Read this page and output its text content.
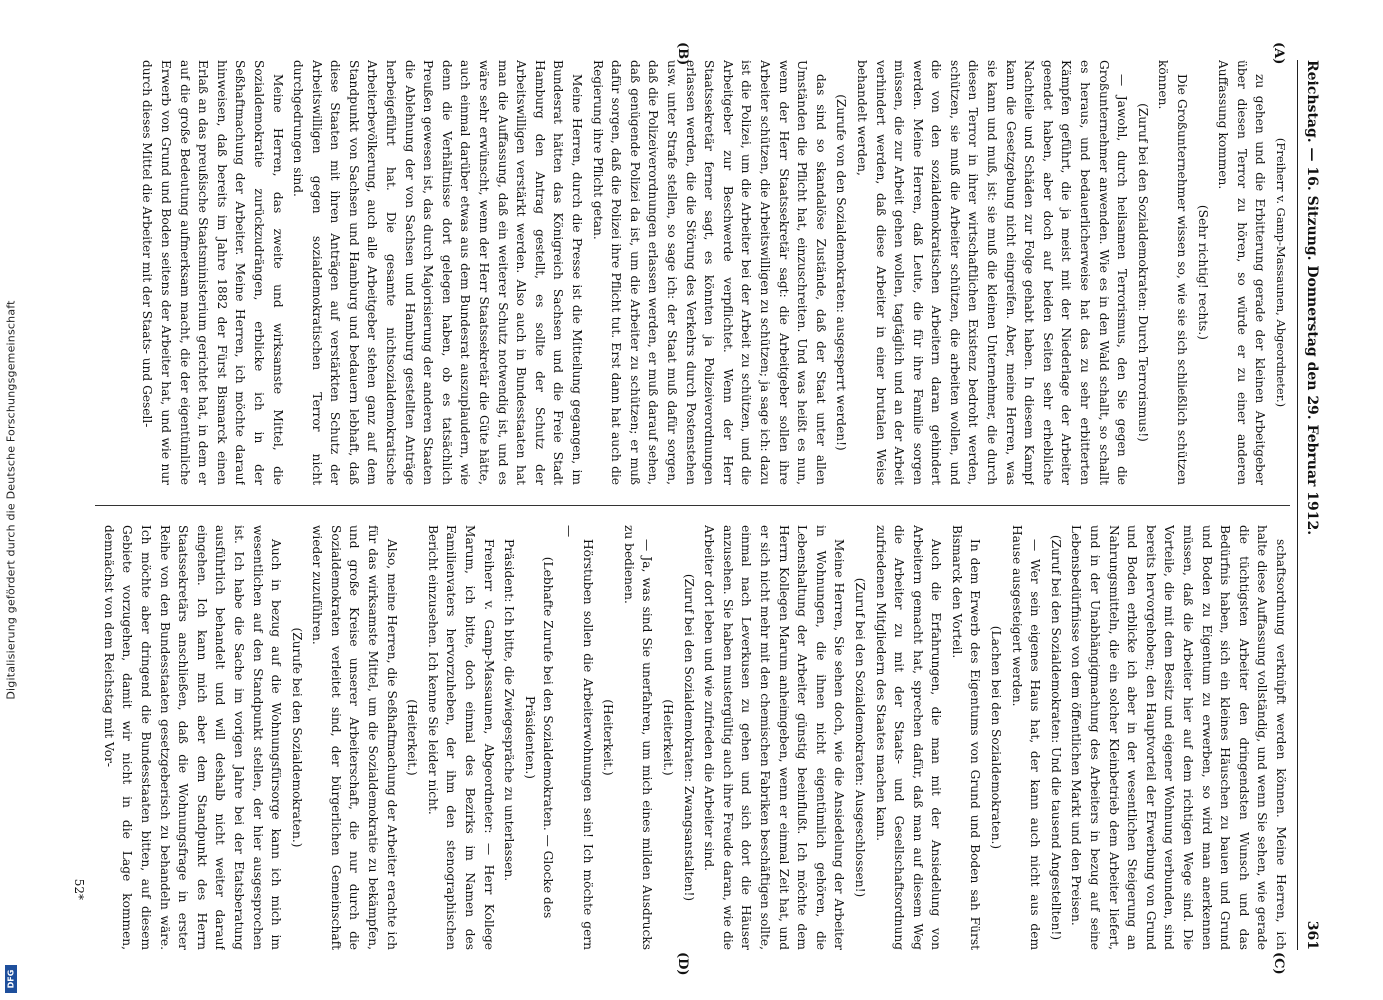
Digitalisierung gefördert durch die Deutsche Forschungsgemeinschaft
DFG
Reichstag. — 16. Sitzung. Donnerstag den 29. Februar 1912.
361
(A)
(B)
(C)
(D)

(Freiherr v. Gamp-Massaunen, Abgeordneter.)

zu gehen und die Erbitterung gerade der kleinen Arbeitgeber über diesen Terror zu hören, so würde er zu einer anderen Auffassung kommen.

(Sehr richtig! rechts.)

Die Großunternehmer wissen so, wie sie sich schließlich schützen können.

(Zuruf bei den Sozialdemokraten: Durch Terrorismus!)

— Jawohl, durch heilsamen Terrorismus, den Sie gegen die Großunternehmer anwenden. Wie es in den Wald schallt, so schallt es heraus, und bedauerlicherweise hat das zu sehr erbitterten Kämpfen geführt, die ja meist mit der Niederlage der Arbeiter geendet haben, aber doch auf beiden Seiten sehr erhebliche Nachteile und Schäden zur Folge gehabt haben. In diesem Kampf kann die Gesetzgebung nicht eingreifen. Aber, meine Herren, was sie kann und muß, ist: sie muß die kleinen Unternehmer, die durch diesen Terror in ihrer wirtschaftlichen Existenz bedroht werden, schützen, sie muß die Arbeiter schützen, die arbeiten wollen, und die von den sozialdemokratischen Arbeitern daran gehindert werden. Meine Herren, daß Leute, die für ihre Familie sorgen müssen, die zur Arbeit gehen wollen, tagtäglich und an der Arbeit verhindert werden, daß diese Arbeiter in einer brutalen Weise behandelt werden,

(Zurufe von den Sozialdemokraten: ausgesperrt werden!)

das sind so skandalöse Zustände, daß der Staat unter allen Umständen die Pflicht hat, einzuschreiten. Und was heißt es nun, wenn der Herr Staatssekretär sagt: die Arbeitgeber sollen ihre Arbeiter schützen, die Arbeitswilligen zu schützen; ja sage ich: dazu ist die Polizei, um die Arbeiter bei der Arbeit zu schützen, und die Arbeitgeber zur Beschwerde verpflichtet. Wenn der Herr Staatssekretär ferner sagt, es könnten ja Polizeiverordnungen erlassen werden, die die Störung des Verkehrs durch Postenstehen usw. unter Strafe stellen, so sage ich: der Staat muß dafür sorgen, daß die Polizeiverordnungen erlassen werden, er muß darauf sehen, daß genügende Polizei da ist, um die Arbeiter zu schützen; er muß dafür sorgen, daß die Polizei ihre Pflicht tut. Erst dann hat auch die Regierung ihre Pflicht getan.

Meine Herren, durch die Presse ist die Mitteilung gegangen, im Bundesrat hätten das Königreich Sachsen und die Freie Stadt Hamburg den Antrag gestellt, es sollte der Schutz der Arbeitswilligen verstärkt werden. Also auch in Bundesstaaten hat man die Auffassung, daß ein weiterer Schutz notwendig ist, und es wäre sehr erwünscht, wenn der Herr Staatssekretär die Güte hätte, auch einmal darüber etwas aus dem Bundesrat auszuplaudern, wie denn die Verhältnisse dort gelegen haben, ob es tatsächlich Preußen gewesen ist, das durch Majorisierung der anderen Staaten die Ablehnung der von Sachsen und Hamburg gestellten Anträge herbeigeführt hat. Die gesamte nichtsozialdemokratische Arbeiterbevölkerung, auch alle Arbeitgeber stehen ganz auf dem Standpunkt von Sachsen und Hamburg und bedauern lebhaft, daß diese Staaten mit ihren Anträgen auf verstärkten Schutz der Arbeitswilligen gegen sozialdemokratischen Terror nicht durchgedrungen sind.

Meine Herren, das zweite und wirksamste Mittel, die Sozialdemokratie zurückzudrängen, erblicke ich in der Seßhaftmachung der Arbeiter. Meine Herren, ich möchte darauf hinweisen, daß bereits im Jahre 1882 der Fürst Bismarck einen Erlaß an das preußische Staatsministerium gerichtet hat, in dem er auf die große Bedeutung aufmerksam macht, die der eigentümliche Erwerb von Grund und Boden seitens der Arbeiter hat, und wie nur durch dieses Mittel die Arbeiter mit der Staats- und Gesell-

schaftsordnung verknüpft werden können. Meine Herren, ich halte diese Auffassung vollständig, und wenn Sie sehen, wie gerade die tüchtigsten Arbeiter den dringendsten Wunsch und das Bedürfnis haben, sich ein kleines Häuschen zu bauen und Grund und Boden zu Eigentum zu erwerben, so wird man anerkennen müssen, daß die Arbeiter hier auf dem richtigen Wege sind. Die Vorteile, die mit dem Besitz und eigener Wohnung verbunden, sind bereits hervorgehoben; den Hauptvorteil der Erwerbung von Grund und Boden erblicke ich aber in der wesentlichen Steigerung an Nahrungsmitteln, die ein solcher Kleinbetrieb dem Arbeiter liefert, und in der Unabhängigmachung des Arbeiters in bezug auf seine Lebensbedürfnisse von dem öffentlichen Markt und den Preisen.

(Zuruf bei den Sozialdemokraten: Und die tausend Angestellten!)

— Wer sein eigenes Haus hat, der kann auch nicht aus dem Hause ausgesteigert werden.

(Lachen bei den Sozialdemokraten.)

In dem Erwerb des Eigentums von Grund und Boden sah Fürst Bismarck den Vorteil.

Auch die Erfahrungen, die man mit der Ansiedelung von Arbeitern gemacht hat, sprechen dafür, daß man auf diesem Weg die Arbeiter zu mit der Staats- und Gesellschaftsordnung zufriedenen Mitgliedern des Staates machen kann.

(Zuruf bei den Sozialdemokraten: Ausgeschlossen!)

Meine Herren, Sie sehen doch, wie die Ansiedelung der Arbeiter in Wohnungen, die ihnen nicht eigentümlich gehören, die Lebenshaltung der Arbeiter günstig beeinflußt. Ich möchte dem Herrn Kollegen Marum anheimgeben, wenn er einmal Zeit hat, und er sich nicht mehr mit den chemischen Fabriken beschäftigen sollte, einmal nach Leverkusen zu gehen und sich dort die Häuser anzusehen. Sie haben mustergültig auch ihre Freude daran, wie die Arbeiter dort leben und wie zufrieden die Arbeiter sind.

(Zuruf bei den Sozialdemokraten: Zwangsanstalten!)

(Heiterkeit.)

— Ja, was sind Sie unerfahren, um mich eines milden Ausdrucks zu bedienen.

(Heiterkeit.)

Hörstuben sollen die Arbeiterwohnungen sein! Ich möchte gern —

(Lebhafte Zurufe bei den Sozialdemokraten. — Glocke des Präsidenten.)

Präsident: Ich bitte, die Zwiegespräche zu unterlassen.

Freiherr v. Gamp-Massaunen, Abgeordneter: — Herr Kollege Marum, ich bitte, doch einmal des Bezirks im Namen des Familienvaters hervorzuheben, der ihm den stenographischen Bericht einzusehen. Ich kenne Sie leider nicht.

(Heiterkeit.)

Also, meine Herren, die Seßhaftmachung der Arbeiter erachte ich für das wirksamste Mittel, um die Sozialdemokratie zu bekämpfen, und große Kreise unserer Arbeiterschaft, die nur durch die Sozialdemokraten verleitet sind, der bürgerlichen Gemeinschaft wieder zuzuführen.

(Zurufe bei den Sozialdemokraten.)

Auch in bezug auf die Wohnungsfürsorge kann ich mich im wesentlichen auf den Standpunkt stellen, der hier ausgesprochen ist. Ich habe die Sache im vorigen Jahre bei der Etatsberatung ausführlich behandelt und will deshalb nicht weiter darauf eingehen. Ich kann mich aber dem Standpunkt des Herrn Staatssekretärs anschließen, daß die Wohnungsfrage in erster Reihe von den Bundesstaaten gesetzgeberisch zu behandeln wäre. Ich möchte aber dringend die Bundesstaaten bitten, auf diesem Gebiete vorzugehen, damit wir nicht in die Lage kommen, demnächst von dem Reichstag mit Vor-

52*
